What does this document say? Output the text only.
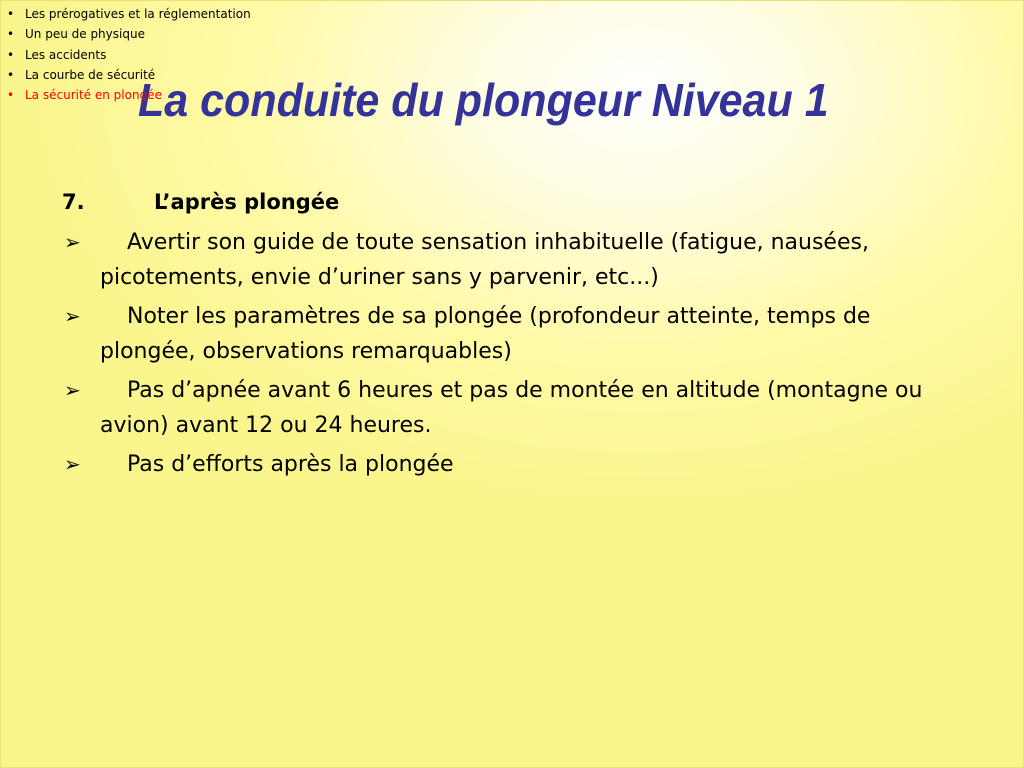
• Les prérogatives et la réglementation
• Un peu de physique
• Les accidents
• La courbe de sécurité
• La sécurité en plongée
La conduite du plongeur Niveau 1
7.	L’après plongée
➢ Avertir son guide de toute sensation inhabituelle (fatigue, nausées, picotements, envie d’uriner sans y parvenir, etc...)
➢ Noter les paramètres de sa plongée (profondeur atteinte, temps de plongée, observations remarquables)
➢ Pas d’apnée avant 6 heures et pas de montée en altitude (montagne ou avion) avant 12 ou 24 heures.
➢ Pas d’efforts après la plongée
